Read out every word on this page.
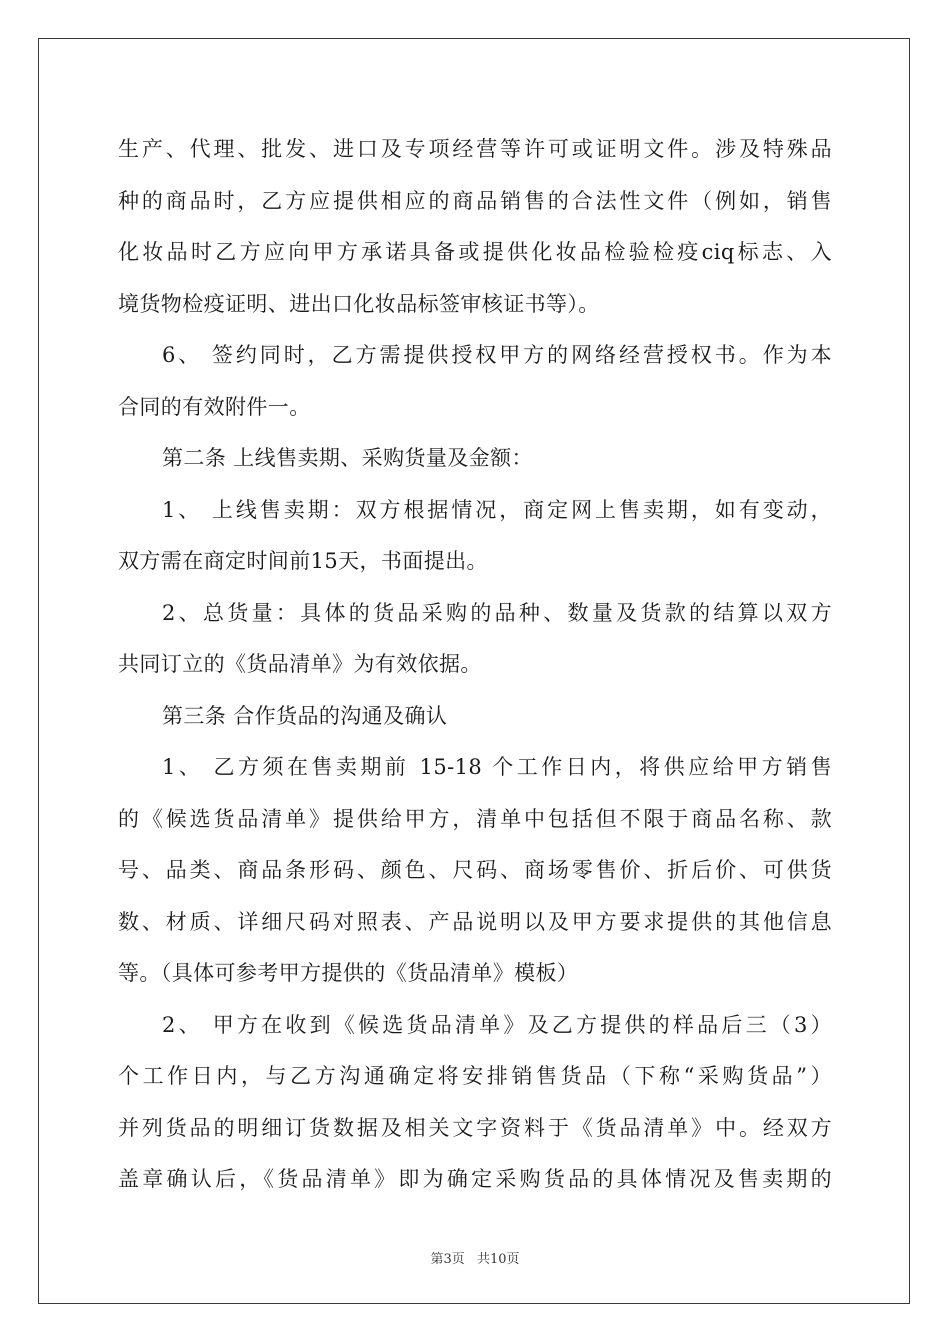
生产、代理、批发、进口及专项经营等许可或证明文件。涉及特殊品
种的商品时，乙方应提供相应的商品销售的合法性文件（例如，销售
化妆品时乙方应向甲方承诺具备或提供化妆品检验检疫ciq标志、入
境货物检疫证明、进出口化妆品标签审核证书等）。
6、 签约同时，乙方需提供授权甲方的网络经营授权书。作为本
合同的有效附件一。
第二条 上线售卖期、采购货量及金额：
1、 上线售卖期：双方根据情况，商定网上售卖期，如有变动，
双方需在商定时间前15天，书面提出。
2、总货量：具体的货品采购的品种、数量及货款的结算以双方
共同订立的《货品清单》为有效依据。
第三条 合作货品的沟通及确认
1、 乙方须在售卖期前 15-18 个工作日内，将供应给甲方销售
的《候选货品清单》提供给甲方，清单中包括但不限于商品名称、款
号、品类、商品条形码、颜色、尺码、商场零售价、折后价、可供货
数、材质、详细尺码对照表、产品说明以及甲方要求提供的其他信息
等。（具体可参考甲方提供的《货品清单》模板）
2、 甲方在收到《候选货品清单》及乙方提供的样品后三（3）
个工作日内，与乙方沟通确定将安排销售货品（下称“采购货品”）
并列货品的明细订货数据及相关文字资料于《货品清单》中。经双方
盖章确认后，《货品清单》即为确定采购货品的具体情况及售卖期的
第3页 共10页
